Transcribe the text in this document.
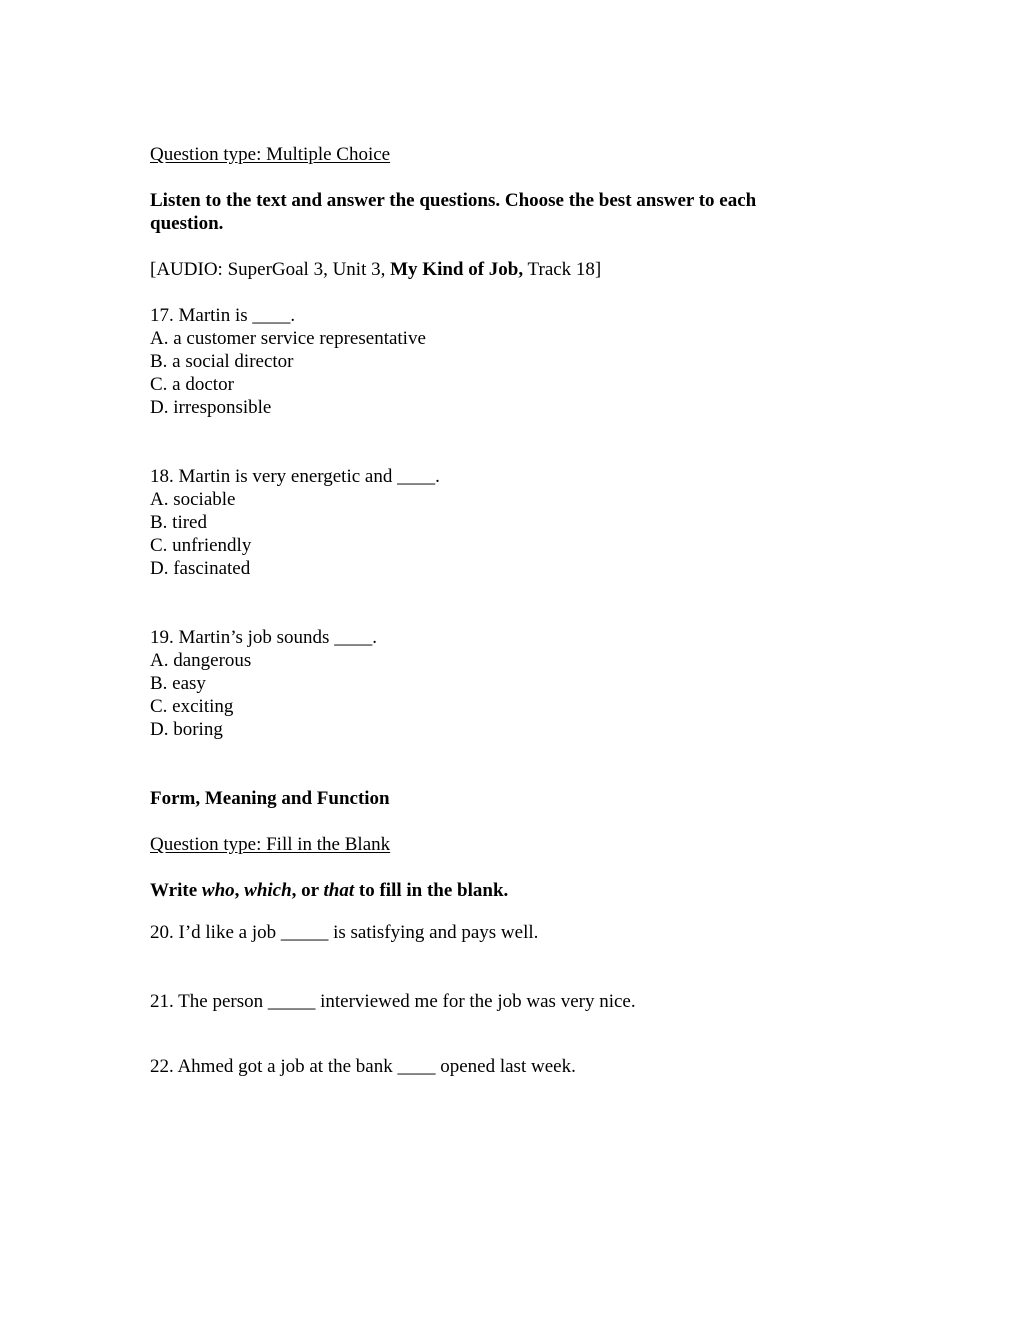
Question type: Multiple Choice
Listen to the text and answer the questions. Choose the best answer to each
question.
[AUDIO: SuperGoal 3, Unit 3, My Kind of Job, Track 18]
17. Martin is ____.
A. a customer service representative
B. a social director
C. a doctor
D. irresponsible
18. Martin is very energetic and ____.
A. sociable
B. tired
C. unfriendly
D. fascinated
19. Martin’s job sounds ____.
A. dangerous
B. easy
C. exciting
D. boring
Form, Meaning and Function
Question type: Fill in the Blank
Write who, which, or that to fill in the blank.
20. I’d like a job _____ is satisfying and pays well.
21. The person _____ interviewed me for the job was very nice.
22. Ahmed got a job at the bank ____ opened last week.
